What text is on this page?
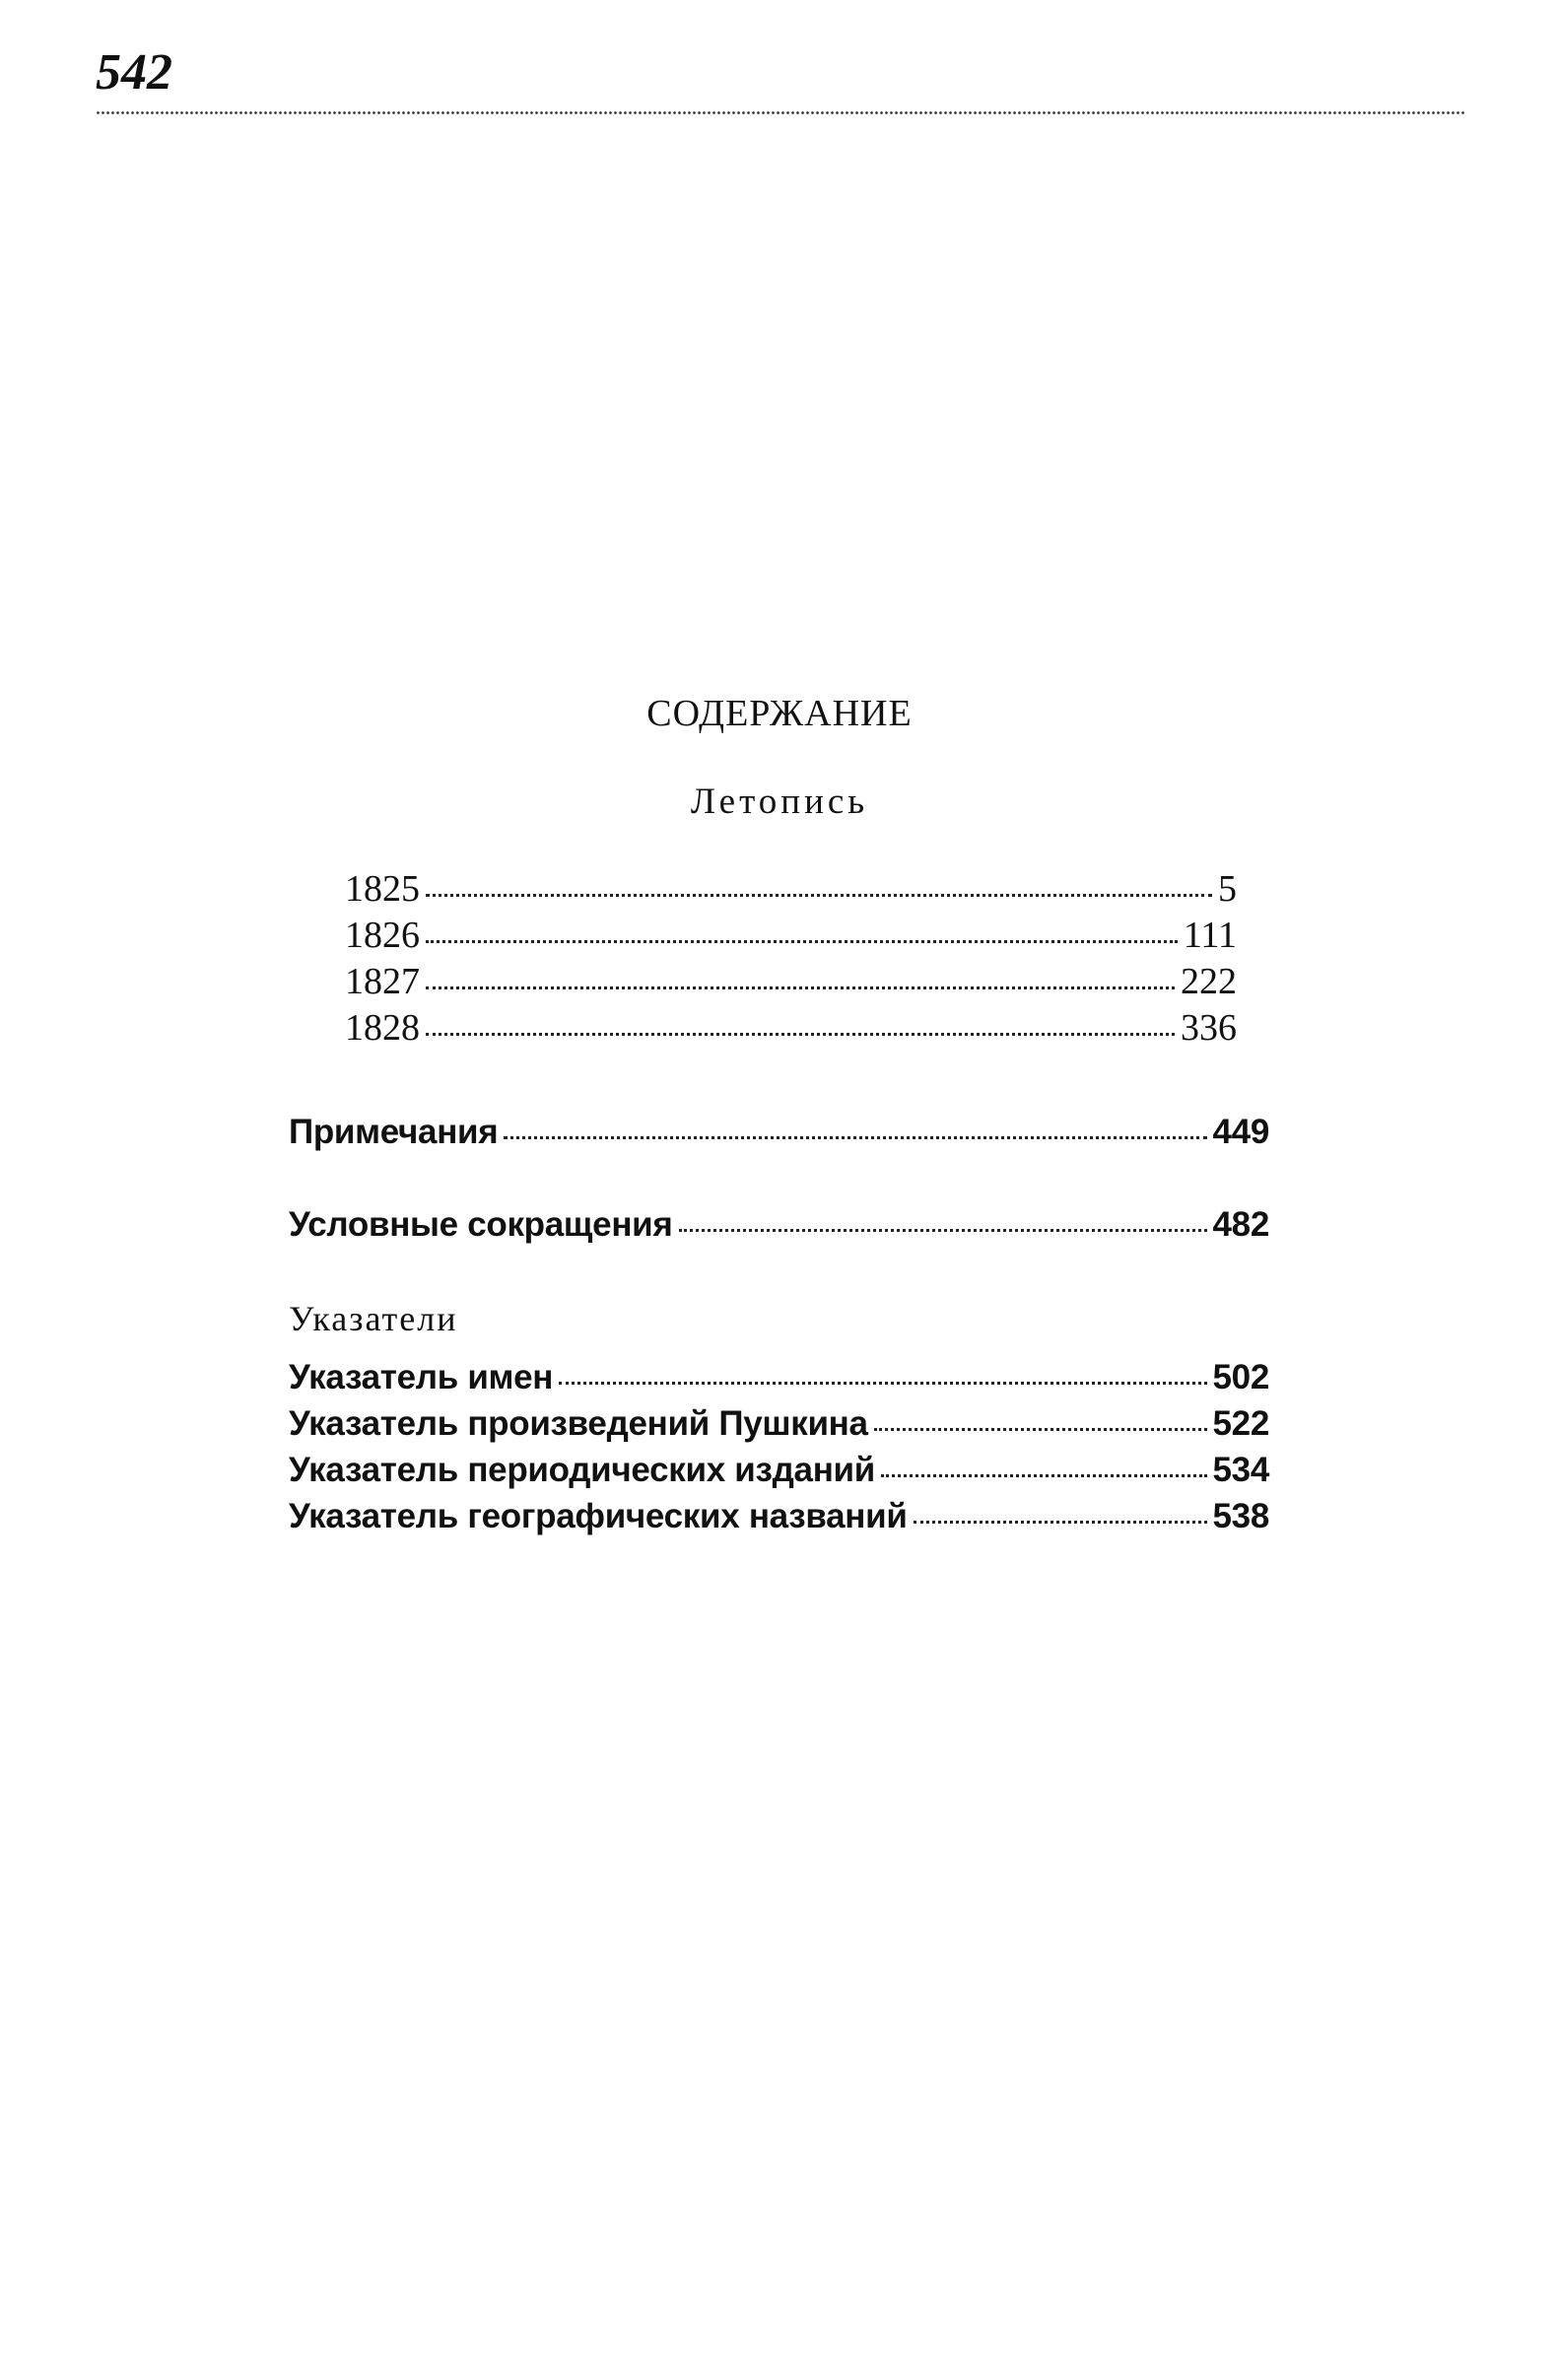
542
СОДЕРЖАНИЕ
Летопись
1825	5
1826	111
1827	222
1828	336
Примечания	449
Условные сокращения	482
Указатели
Указатель имен	502
Указатель произведений Пушкина	522
Указатель периодических изданий	534
Указатель географических названий	538
